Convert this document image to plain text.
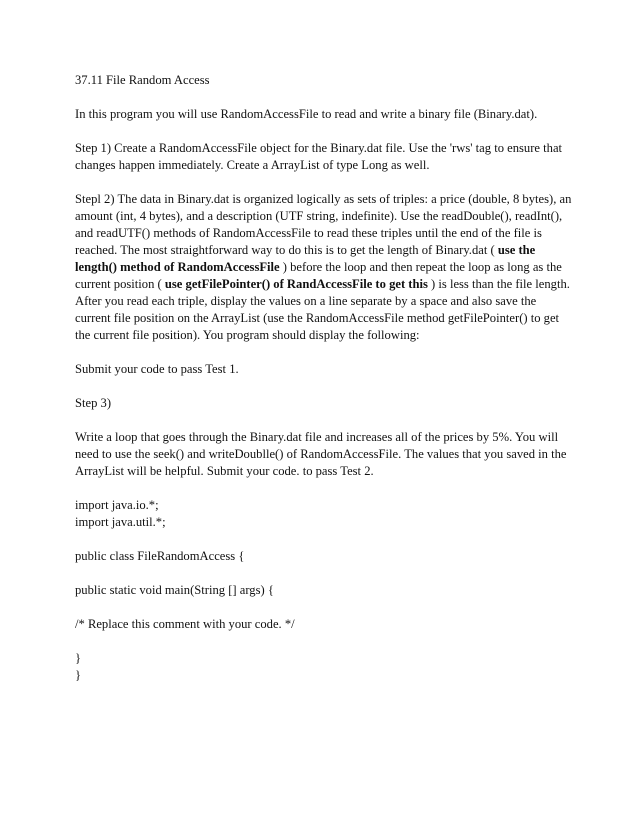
37.11 File Random Access

In this program you will use RandomAccessFile to read and write a binary file (Binary.dat).

Step 1) Create a RandomAccessFile object for the Binary.dat file. Use the 'rws' tag to ensure that changes happen immediately. Create a ArrayList of type Long as well.

Stepl 2) The data in Binary.dat is organized logically as sets of triples: a price (double, 8 bytes), an amount (int, 4 bytes), and a description (UTF string, indefinite). Use the readDouble(), readInt(), and readUTF() methods of RandomAccessFile to read these triples until the end of the file is reached. The most straightforward way to do this is to get the length of Binary.dat ( use the length() method of RandomAccessFile ) before the loop and then repeat the loop as long as the current position ( use getFilePointer() of RandAccessFile to get this ) is less than the file length. After you read each triple, display the values on a line separate by a space and also save the current file position on the ArrayList (use the RandomAccessFile method getFilePointer() to get the current file position). You program should display the following:

Submit your code to pass Test 1.

Step 3)

Write a loop that goes through the Binary.dat file and increases all of the prices by 5%. You will need to use the seek() and writeDoublle() of RandomAccessFile. The values that you saved in the ArrayList will be helpful. Submit your code. to pass Test 2.

import java.io.*;

import java.util.*;

public class FileRandomAccess {

public static void main(String [] args) {

/* Replace this comment with your code. */

}

}
